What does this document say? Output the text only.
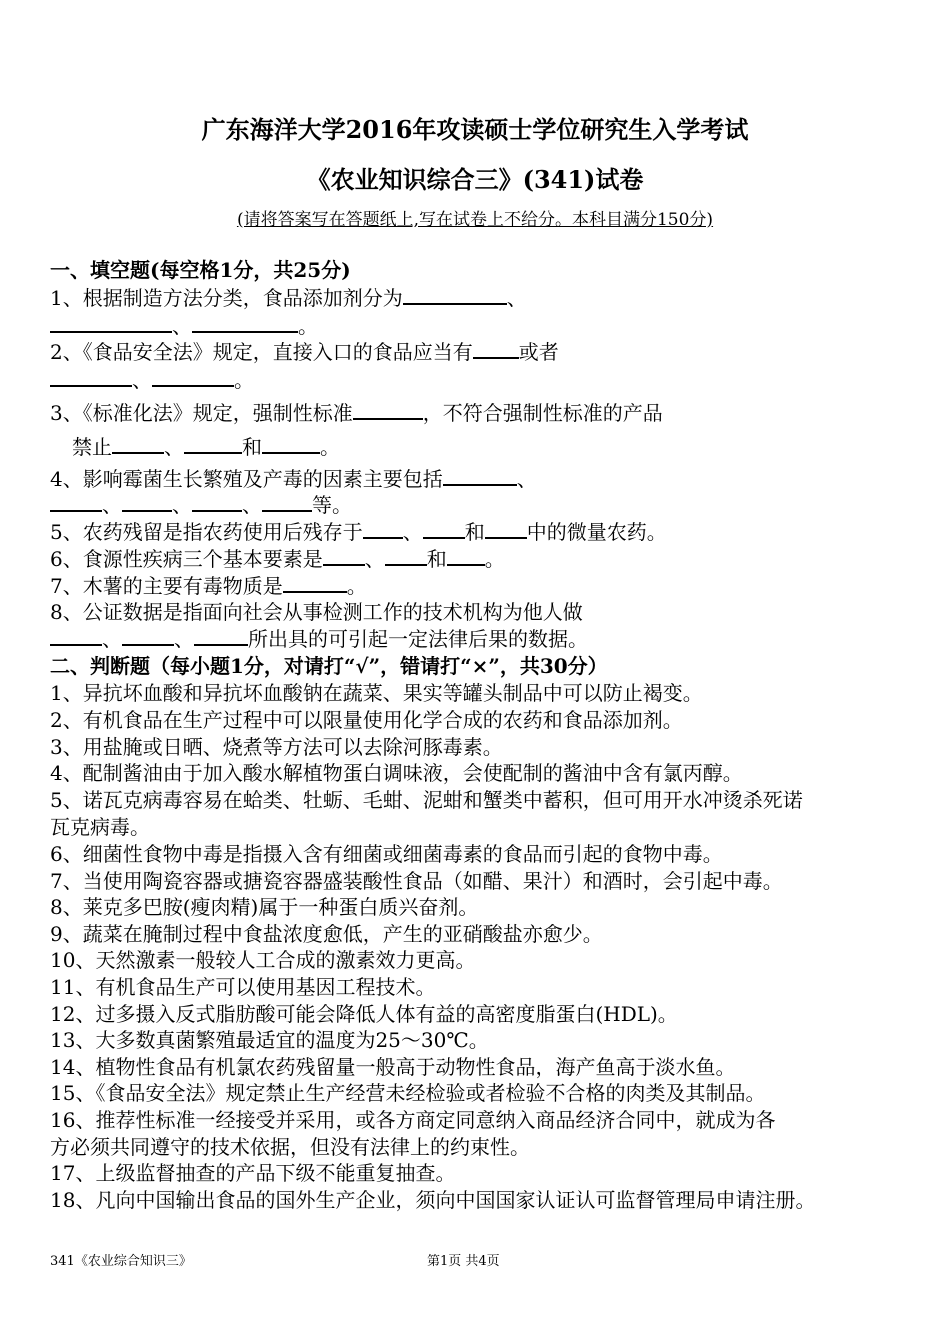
广东海洋大学2016年攻读硕士学位研究生入学考试
《农业知识综合三》(341)试卷
(请将答案写在答题纸上,写在试卷上不给分。本科目满分150分)
一、填空题(每空格1分，共25分)
1、根据制造方法分类，食品添加剂分为	、
、	。
2、《食品安全法》规定，直接入口的食品应当有 或者
、	。
3、《标准化法》规定，强制性标准	，不符合强制性标准的产品
禁止	、	和	。
4、影响霉菌生长繁殖及产毒的因素主要包括	、
、	、	、	等。
5、农药残留是指农药使用后残存于 、 和 中的微量农药。
6、食源性疾病三个基本要素是 、 和 。
7、木薯的主要有毒物质是	。
8、公证数据是指面向社会从事检测工作的技术机构为他人做
、	、	所出具的可引起一定法律后果的数据。
二、判断题（每小题1分，对请打“√”，错请打“×”，共30分）
1、异抗坏血酸和异抗坏血酸钠在蔬菜、果实等罐头制品中可以防止褐变。
2、有机食品在生产过程中可以限量使用化学合成的农药和食品添加剂。
3、用盐腌或日晒、烧煮等方法可以去除河豚毒素。
4、配制酱油由于加入酸水解植物蛋白调味液，会使配制的酱油中含有氯丙醇。
5、诺瓦克病毒容易在蛤类、牡蛎、毛蚶、泥蚶和蟹类中蓄积，但可用开水冲烫杀死诺
瓦克病毒。
6、细菌性食物中毒是指摄入含有细菌或细菌毒素的食品而引起的食物中毒。
7、当使用陶瓷容器或搪瓷容器盛装酸性食品（如醋、果汁）和酒时，会引起中毒。
8、莱克多巴胺(瘦肉精)属于一种蛋白质兴奋剂。
9、蔬菜在腌制过程中食盐浓度愈低，产生的亚硝酸盐亦愈少。
10、天然激素一般较人工合成的激素效力更高。
11、有机食品生产可以使用基因工程技术。
12、过多摄入反式脂肪酸可能会降低人体有益的高密度脂蛋白(HDL)。
13、大多数真菌繁殖最适宜的温度为25～30℃。
14、植物性食品有机氯农药残留量一般高于动物性食品，海产鱼高于淡水鱼。
15、《食品安全法》规定禁止生产经营未经检验或者检验不合格的肉类及其制品。
16、推荐性标准一经接受并采用，或各方商定同意纳入商品经济合同中，就成为各
方必须共同遵守的技术依据，但没有法律上的约束性。
17、上级监督抽查的产品下级不能重复抽查。
18、凡向中国输出食品的国外生产企业，须向中国国家认证认可监督管理局申请注册。
341《农业综合知识三》	第1页 共4页
